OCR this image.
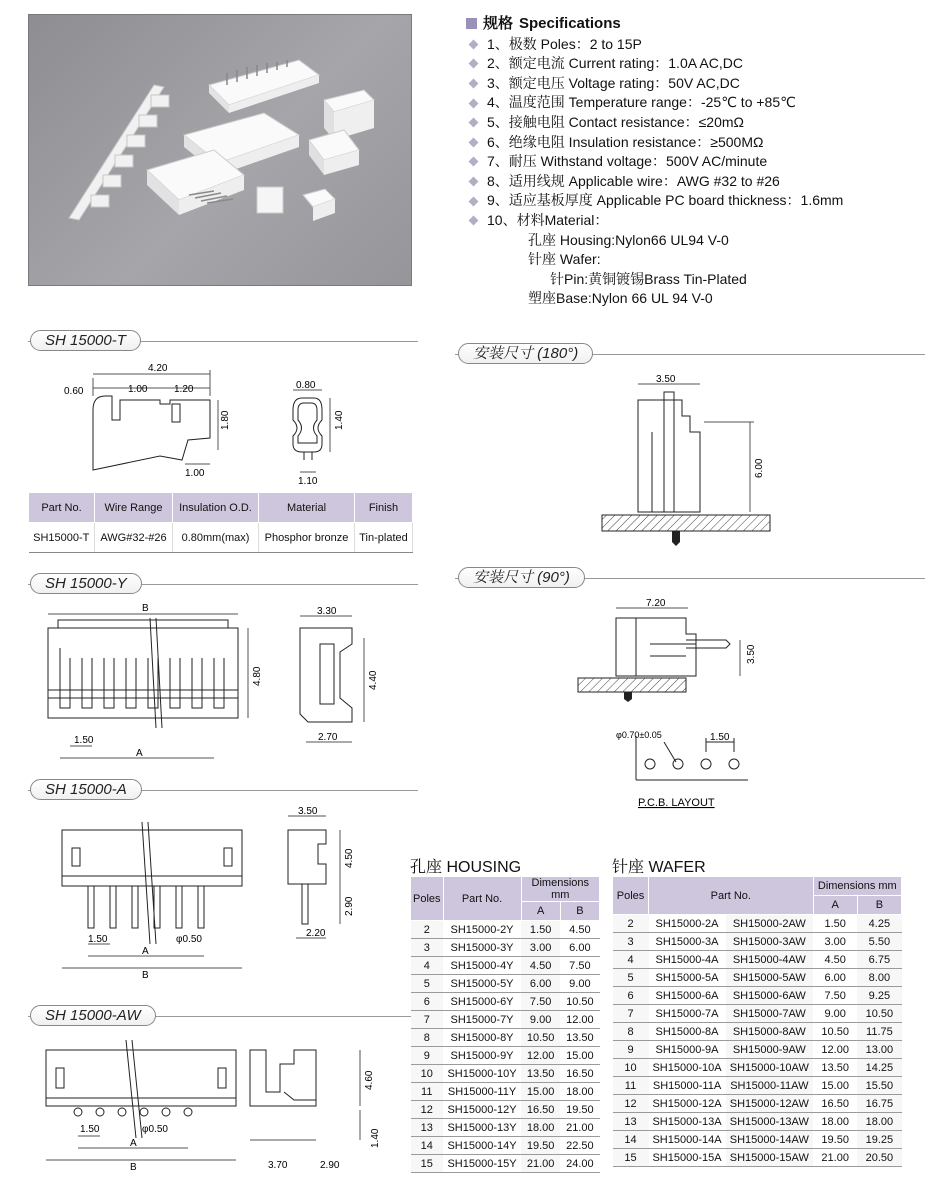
规格 Specifications
1、极数 Poles：2 to 15P
2、额定电流 Current rating：1.0A AC,DC
3、额定电压 Voltage rating：50V AC,DC
4、温度范围 Temperature range：-25℃ to +85℃
5、接触电阻 Contact resistance：≤20mΩ
6、绝缘电阻 Insulation resistance：≥500MΩ
7、耐压 Withstand voltage：500V AC/minute
8、适用线规 Applicable wire：AWG #32 to #26
9、适应基板厚度 Applicable PC board thickness：1.6mm
10、材料Material：
孔座 Housing:Nylon66 UL94 V-0
针座 Wafer:
针Pin:黄铜镀锡Brass Tin-Plated
塑座Base:Nylon 66 UL 94 V-0
SH 15000-T
SH 15000-Y
SH 15000-A
SH 15000-AW
安装尺寸 (180°)
安装尺寸 (90°)
4.20
0.60	1.00	1.20
1.80
1.00
0.80
1.40
1.10
Part No.	Wire Range	Insulation O.D.	Material	Finish
SH15000-T	AWG#32-#26	0.80mm(max)	Phosphor bronze	Tin-plated
B	3.30
4.80	4.40
1.50
A
2.70
3.50
4.50
2.90
1.50	φ0.50
A
B
2.20
4.60
1.50	φ0.50
A
B	3.70	2.90
1.40
3.50
6.00
7.20
3.50
φ0.70±0.05	1.50
P.C.B. LAYOUT
孔座 HOUSING
Poles	Part No.	Dimensions mm	
		A	B
2	SH15000-2Y	1.50	4.50
3	SH15000-3Y	3.00	6.00
4	SH15000-4Y	4.50	7.50
5	SH15000-5Y	6.00	9.00
6	SH15000-6Y	7.50	10.50
7	SH15000-7Y	9.00	12.00
8	SH15000-8Y	10.50	13.50
9	SH15000-9Y	12.00	15.00
10	SH15000-10Y	13.50	16.50
11	SH15000-11Y	15.00	18.00
12	SH15000-12Y	16.50	19.50
13	SH15000-13Y	18.00	21.00
14	SH15000-14Y	19.50	22.50
15	SH15000-15Y	21.00	24.00
针座 WAFER
Poles	Part No.		Dimensions mm	
			A	B
2	SH15000-2A	SH15000-2AW	1.50	4.25
3	SH15000-3A	SH15000-3AW	3.00	5.50
4	SH15000-4A	SH15000-4AW	4.50	6.75
5	SH15000-5A	SH15000-5AW	6.00	8.00
6	SH15000-6A	SH15000-6AW	7.50	9.25
7	SH15000-7A	SH15000-7AW	9.00	10.50
8	SH15000-8A	SH15000-8AW	10.50	11.75
9	SH15000-9A	SH15000-9AW	12.00	13.00
10	SH15000-10A	SH15000-10AW	13.50	14.25
11	SH15000-11A	SH15000-11AW	15.00	15.50
12	SH15000-12A	SH15000-12AW	16.50	16.75
13	SH15000-13A	SH15000-13AW	18.00	18.00
14	SH15000-14A	SH15000-14AW	19.50	19.25
15	SH15000-15A	SH15000-15AW	21.00	20.50
